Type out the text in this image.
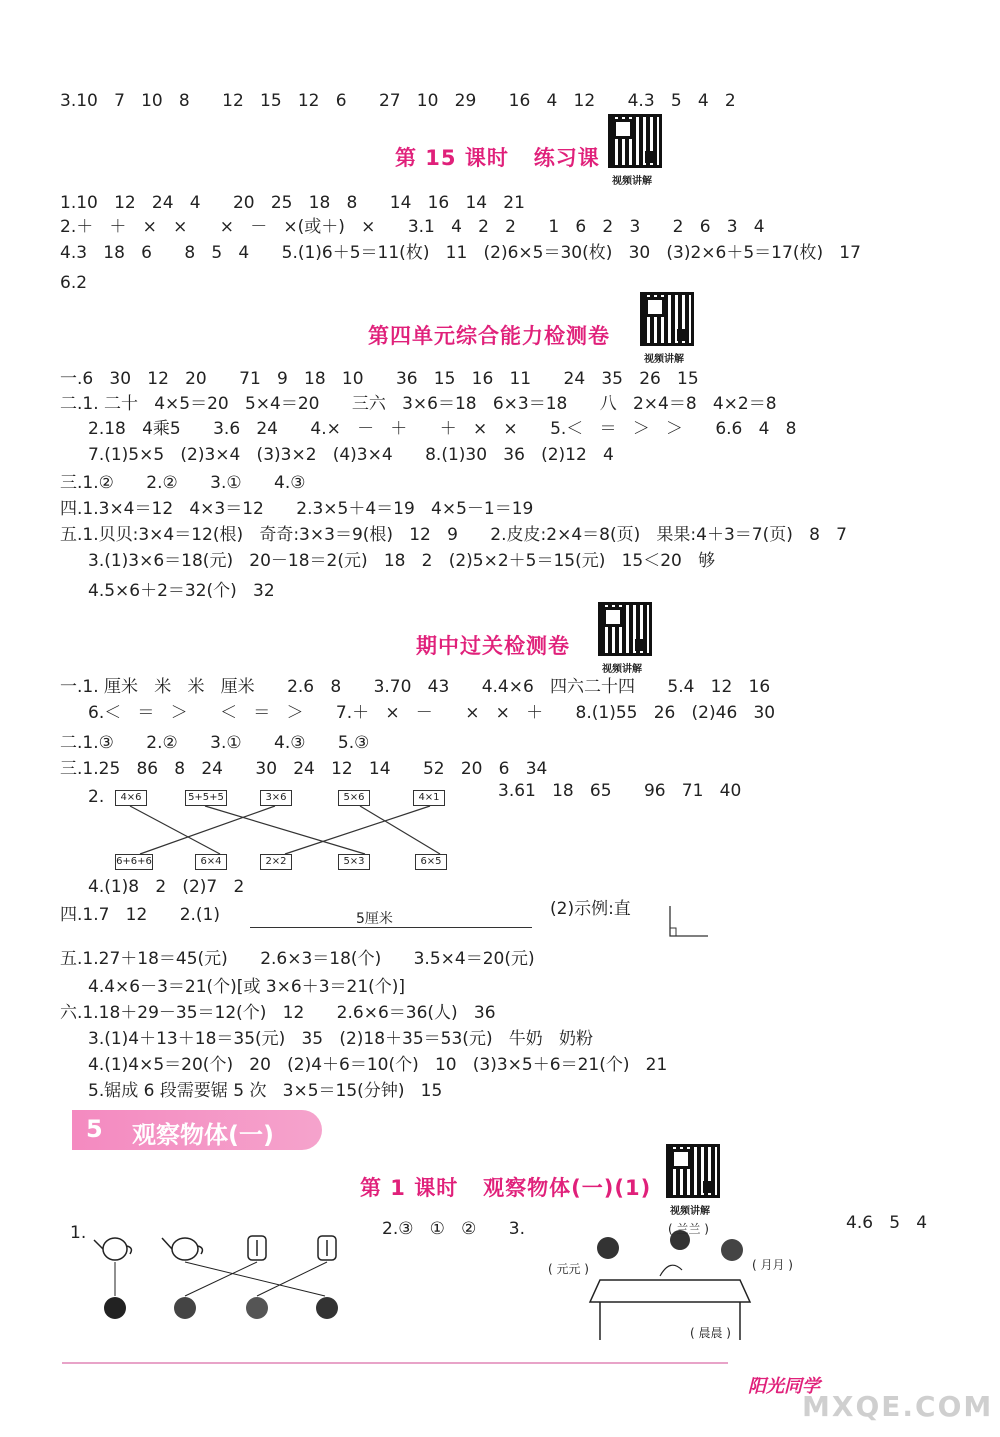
3.10   7   10   8      12   15   12   6      27   10   29      16   4   12      4.3   5   4   2
第 15 课时   练习课
视频讲解
1.10   12   24   4      20   25   18   8      14   16   14   21
2.＋   ＋   ×   ×      ×   －   ×(或＋)   ×      3.1   4   2   2      1   6   2   3      2   6   3   4
4.3   18   6      8   5   4      5.(1)6＋5＝11(枚)   11   (2)6×5＝30(枚)   30   (3)2×6＋5＝17(枚)   17
6.2
第四单元综合能力检测卷
视频讲解
一.6   30   12   20      71   9   18   10      36   15   16   11      24   35   26   15
二.1. 二十   4×5＝20   5×4＝20      三六   3×6＝18   6×3＝18      八   2×4＝8   4×2＝8
2.18   4乘5      3.6   24      4.×   －   ＋      ＋   ×   ×      5.＜   ＝   ＞   ＞      6.6   4   8
7.(1)5×5   (2)3×4   (3)3×2   (4)3×4      8.(1)30   36   (2)12   4
三.1.②      2.②      3.①      4.③
四.1.3×4＝12   4×3＝12      2.3×5＋4＝19   4×5－1＝19
五.1.贝贝:3×4＝12(根)   奇奇:3×3＝9(根)   12   9      2.皮皮:2×4＝8(页)   果果:4＋3＝7(页)   8   7
3.(1)3×6＝18(元)   20－18＝2(元)   18   2   (2)5×2＋5＝15(元)   15＜20   够
4.5×6＋2＝32(个)   32
期中过关检测卷
视频讲解
一.1. 厘米   米   米   厘米      2.6   8      3.70   43      4.4×6   四六二十四      5.4   12   16
6.＜   ＝   ＞      ＜   ＝   ＞      7.＋   ×   －      ×   ×   ＋      8.(1)55   26   (2)46   30
二.1.③      2.②      3.①      4.③      5.③
三.1.25   86   8   24      30   24   12   14      52   20   6   34
2.	3.61   18   65      96   71   40
4×6	5+5+5	3×6	5×6	4×1
6+6+6	6×4	2×2	5×3	6×5
4.(1)8   2   (2)7   2
四.1.7   12      2.(1)	5厘米	(2)示例:直
五.1.27＋18＝45(元)      2.6×3＝18(个)      3.5×4＝20(元)
4.4×6－3＝21(个)[或 3×6＋3＝21(个)]
六.1.18＋29－35＝12(个)   12      2.6×6＝36(人)   36
3.(1)4＋13＋18＝35(元)   35   (2)18＋35＝53(元)   牛奶   奶粉
4.(1)4×5＝20(个)   20   (2)4＋6＝10(个)   10   (3)3×5＋6＝21(个)   21
5.锯成 6 段需要锯 5 次   3×5＝15(分钟)   15
5 观察物体(一)
第 1 课时   观察物体(一)(1)
视频讲解
1.	2.③   ①   ②      3.	( 兰兰 )
( 元元 )	( 月月 )
( 晨晨 )
4.6   5   4
阳光同学
MXQE.COM
